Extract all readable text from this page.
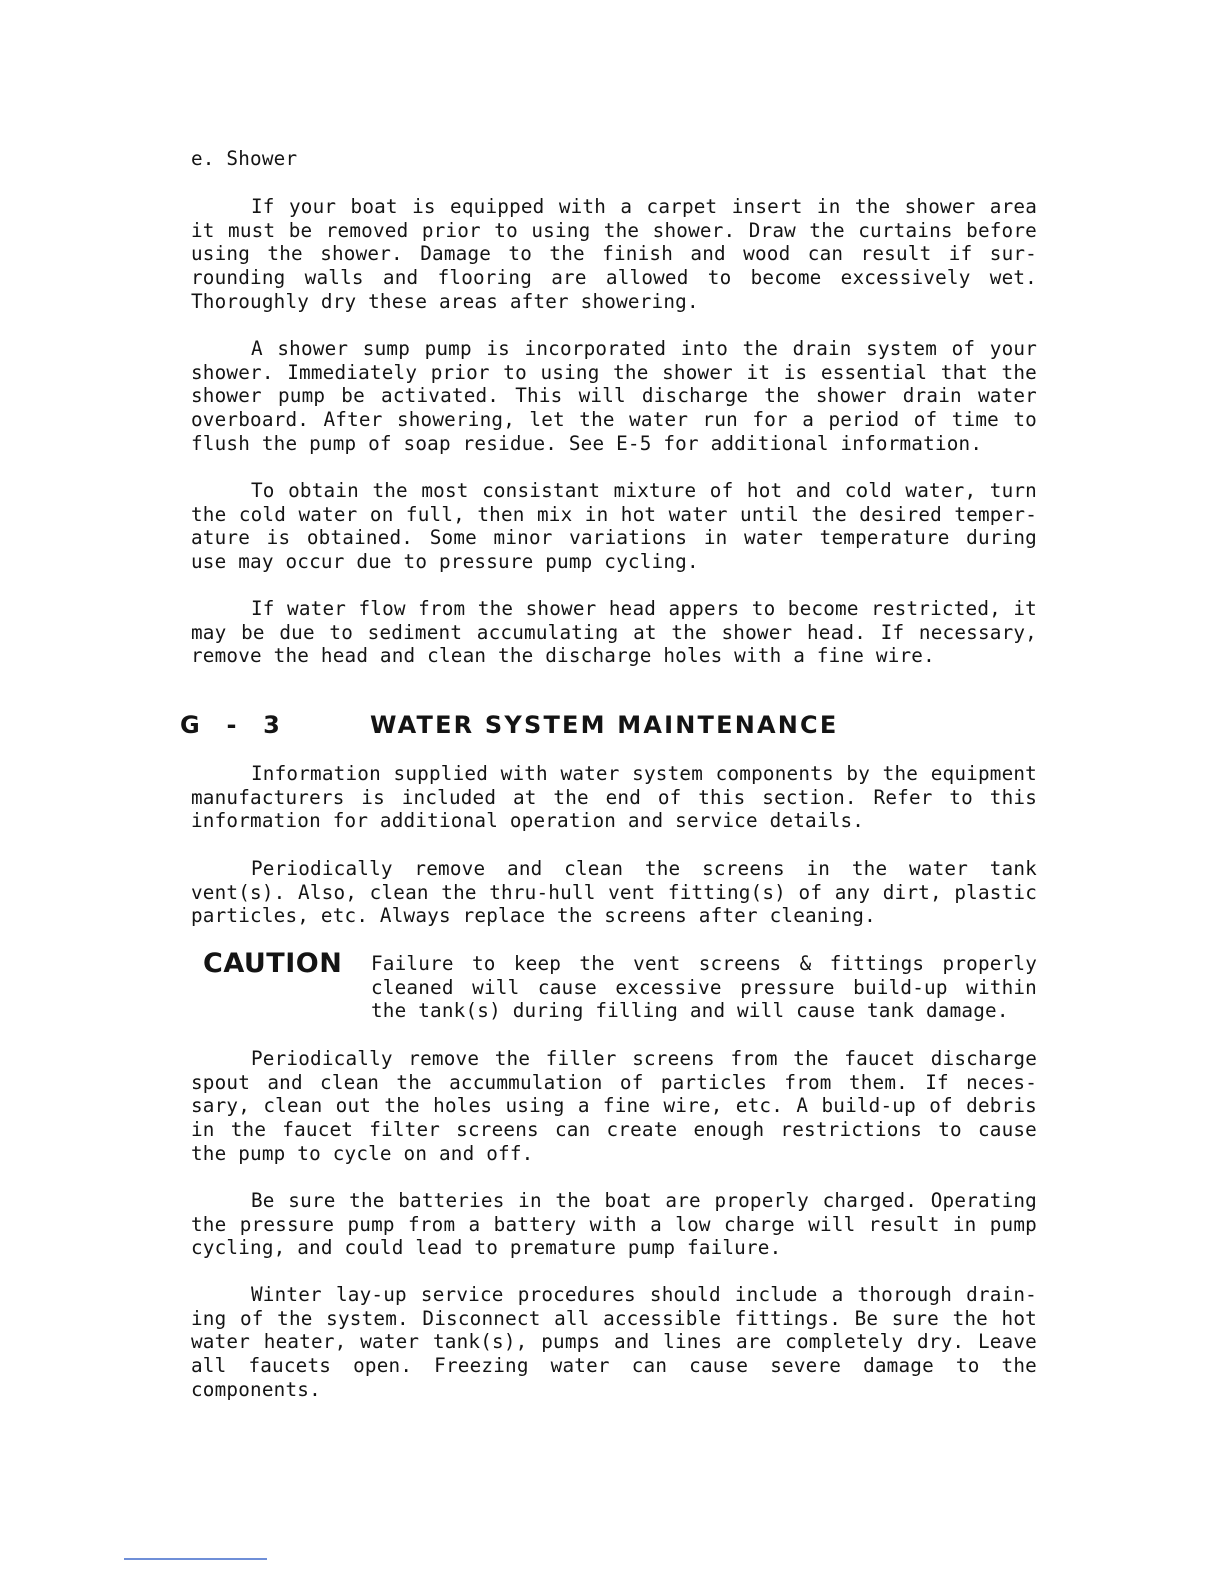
e. Shower

If your boat is equipped with a carpet insert in the shower area it must be removed prior to using the shower. Draw the curtains before using the shower. Damage to the finish and wood can result if sur-rounding walls and flooring are allowed to become excessively wet. Thoroughly dry these areas after showering.

A shower sump pump is incorporated into the drain system of your shower. Immediately prior to using the shower it is essential that the shower pump be activated. This will discharge the shower drain water overboard. After showering, let the water run for a period of time to flush the pump of soap residue. See E-5 for additional information.

To obtain the most consistant mixture of hot and cold water, turn the cold water on full, then mix in hot water until the desired temper-ature is obtained. Some minor variations in water temperature during use may occur due to pressure pump cycling.

If water flow from the shower head appers to become restricted, it may be due to sediment accumulating at the shower head. If necessary, remove the head and clean the discharge holes with a fine wire.

G - 3	WATER SYSTEM MAINTENANCE

Information supplied with water system components by the equipment manufacturers is included at the end of this section. Refer to this information for additional operation and service details.

Periodically remove and clean the screens in the water tank vent(s). Also, clean the thru-hull vent fitting(s) of any dirt, plastic particles, etc. Always replace the screens after cleaning.

CAUTION Failure to keep the vent screens & fittings properly cleaned will cause excessive pressure build-up within the tank(s) during filling and will cause tank damage.

Periodically remove the filler screens from the faucet discharge spout and clean the accummulation of particles from them. If neces-sary, clean out the holes using a fine wire, etc. A build-up of debris in the faucet filter screens can create enough restrictions to cause the pump to cycle on and off.

Be sure the batteries in the boat are properly charged. Operating the pressure pump from a battery with a low charge will result in pump cycling, and could lead to premature pump failure.

Winter lay-up service procedures should include a thorough drain-ing of the system. Disconnect all accessible fittings. Be sure the hot water heater, water tank(s), pumps and lines are completely dry. Leave all faucets open. Freezing water can cause severe damage to the components.
